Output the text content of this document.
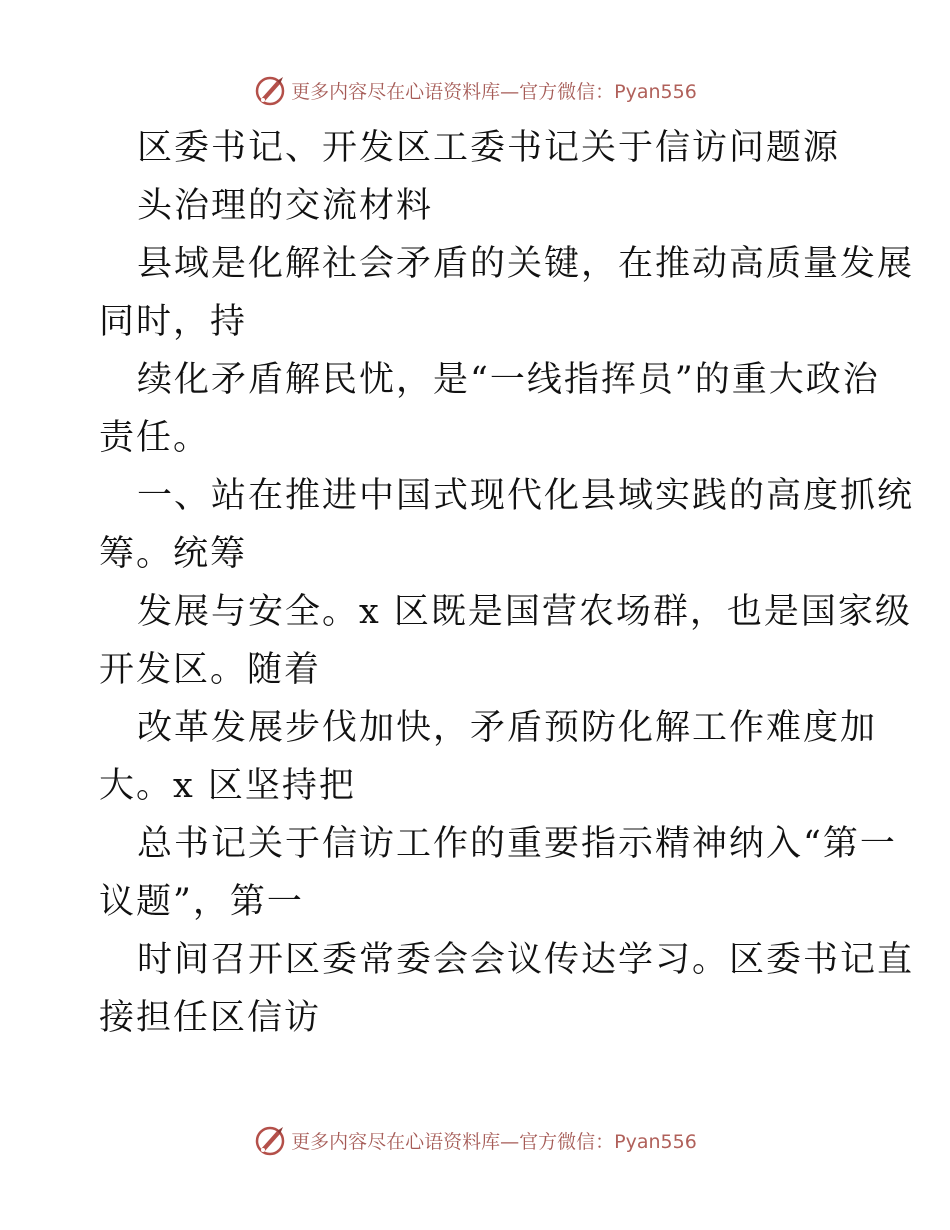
更多内容尽在心语资料库—官方微信：Pyan556
区委书记、开发区工委书记关于信访问题源
头治理的交流材料
县域是化解社会矛盾的关键，在推动高质量发展
同时，持
续化矛盾解民忧，是“一线指挥员”的重大政治
责任。
一、站在推进中国式现代化县域实践的高度抓统
筹。统筹
发展与安全。x 区既是国营农场群，也是国家级
开发区。随着
改革发展步伐加快，矛盾预防化解工作难度加
大。x 区坚持把
总书记关于信访工作的重要指示精神纳入“第一
议题”，第一
时间召开区委常委会会议传达学习。区委书记直
接担任区信访
更多内容尽在心语资料库—官方微信：Pyan556
